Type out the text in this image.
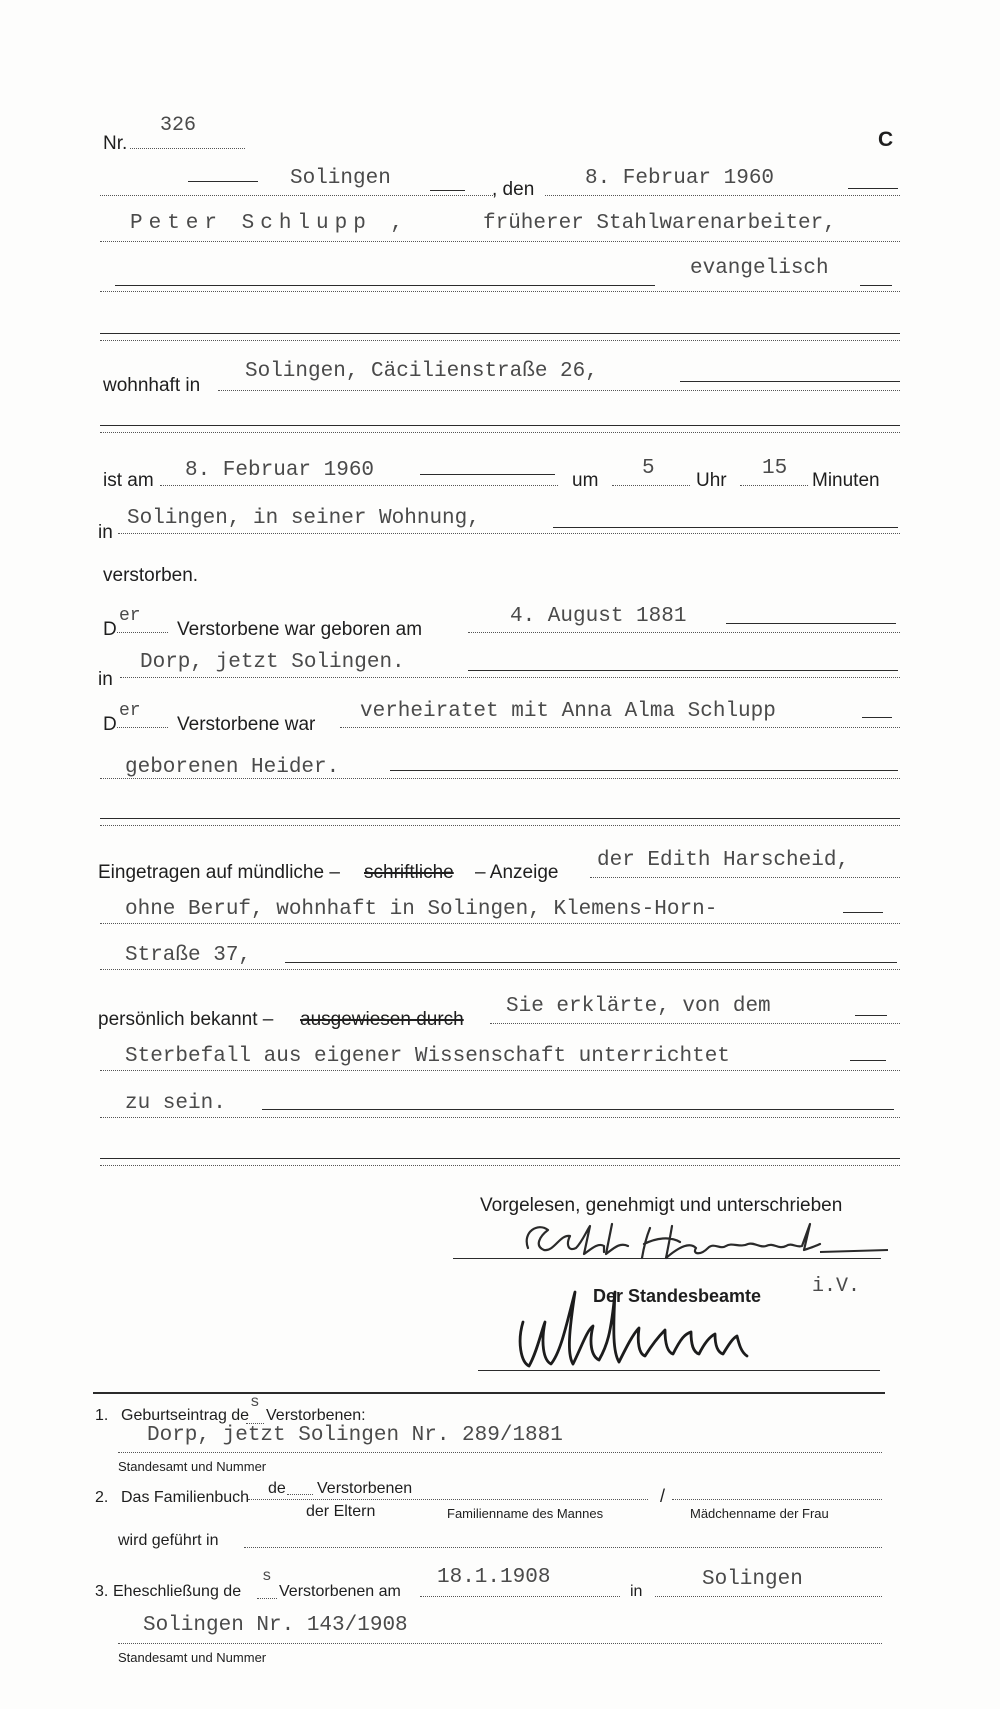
Nr.
326
C
Solingen	, den 8. Februar 1960
Peter Schlupp ,	früherer Stahlwarenarbeiter,
evangelisch
wohnhaft in
Solingen, Cäcilienstraße 26,
ist am 8. Februar 1960	um
5
Uhr
15
Minuten
in
Solingen, in seiner Wohnung,
verstorben.
D
er
Verstorbene war geboren am
4. August 1881
in
Dorp, jetzt Solingen.
D
er
Verstorbene war
verheiratet mit Anna Alma Schlupp
geborenen Heider.
Eingetragen auf mündliche – schriftliche – Anzeige
der Edith Harscheid,
ohne Beruf, wohnhaft in Solingen, Klemens-Horn-
Straße 37,
persönlich bekannt – ausgewiesen durch
Sie erklärte, von dem
Sterbefall aus eigener Wissenschaft unterrichtet
zu sein.
Vorgelesen, genehmigt und unterschrieben
Der Standesbeamte	i.V.
1. Geburtseintrag de
s
Verstorbenen:
Dorp, jetzt Solingen Nr. 289/1881
Standesamt und Nummer
2. Das Familienbuch
de Verstorbenen
der Eltern	Familienname des Mannes
/
Mädchenname der Frau
wird geführt in
3. Eheschließung de
s
Verstorbenen am
18.1.1908
in
Solingen
Solingen Nr. 143/1908
Standesamt und Nummer
